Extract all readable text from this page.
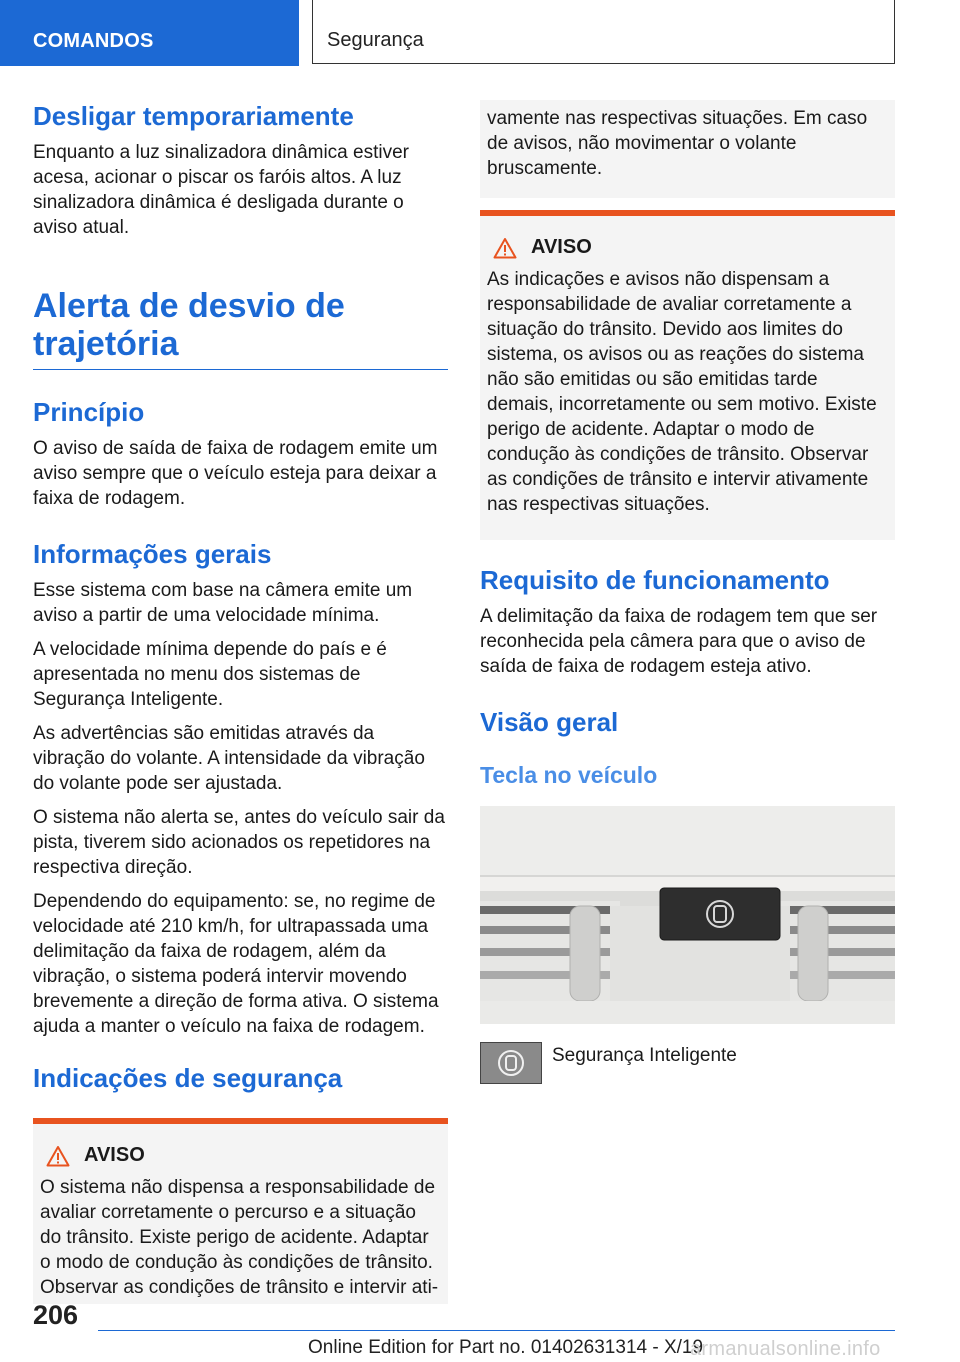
COMANDOS	Segurança
Desligar temporariamente

Enquanto a luz sinalizadora dinâmica estiver acesa, acionar o piscar os faróis altos. A luz sinalizadora dinâmica é desligada durante o aviso atual.

Alerta de desvio de
trajetória
Princípio

O aviso de saída de faixa de rodagem emite um aviso sempre que o veículo esteja para deixar a faixa de rodagem.

Informações gerais

Esse sistema com base na câmera emite um aviso a partir de uma velocidade mínima.

A velocidade mínima depende do país e é apresentada no menu dos sistemas de Segurança Inteligente.

As advertências são emitidas através da vibração do volante. A intensidade da vibração do volante pode ser ajustada.

O sistema não alerta se, antes do veículo sair da pista, tiverem sido acionados os repetidores na respectiva direção.

Dependendo do equipamento: se, no regime de velocidade até 210 km/h, for ultrapassada uma delimitação da faixa de rodagem, além da vibração, o sistema poderá intervir movendo brevemente a direção de forma ativa. O sistema ajuda a manter o veículo na faixa de rodagem.

Indicações de segurança
AVISO

O sistema não dispensa a responsabilidade de avaliar corretamente o percurso e a situação do trânsito. Existe perigo de acidente. Adaptar o modo de condução às condições de trânsito. Observar as condições de trânsito e intervir ati-

vamente nas respectivas situações. Em caso de avisos, não movimentar o volante bruscamente.

AVISO

As indicações e avisos não dispensam a responsabilidade de avaliar corretamente a situação do trânsito. Devido aos limites do sistema, os avisos ou as reações do sistema não são emitidas ou são emitidas tarde demais, incorretamente ou sem motivo. Existe perigo de acidente. Adaptar o modo de condução às condições de trânsito. Observar as condições de trânsito e intervir ativamente nas respectivas situações.

Requisito de funcionamento

A delimitação da faixa de rodagem tem que ser reconhecida pela câmera para que o aviso de saída de faixa de rodagem esteja ativo.

Visão geral
Tecla no veículo
Segurança Inteligente
206
Online Edition for Part no. 01402631314 - X/19
armanualsonline.info
